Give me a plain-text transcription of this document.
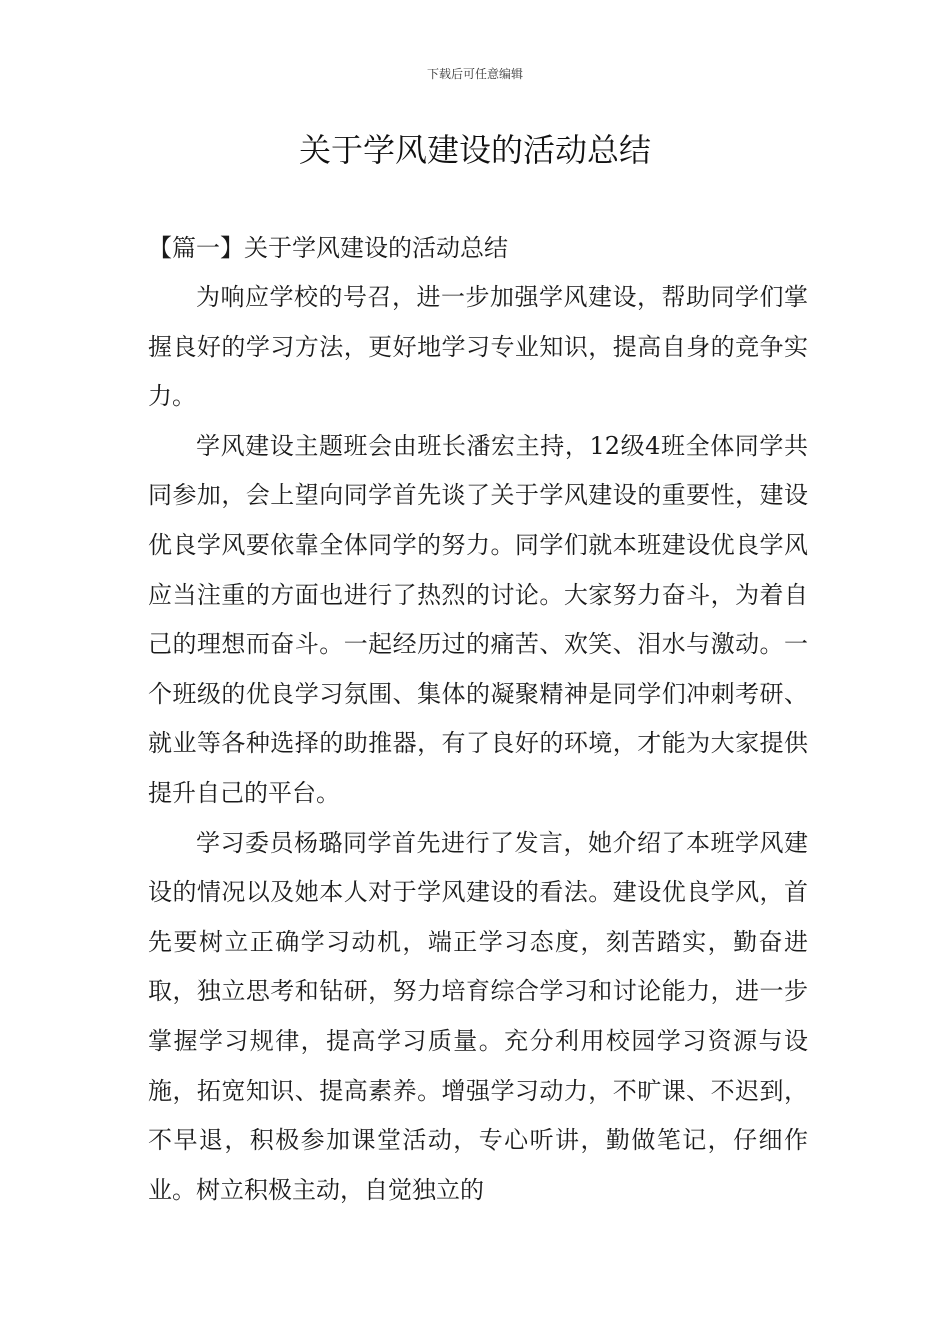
下载后可任意编辑
关于学风建设的活动总结
【篇一】关于学风建设的活动总结

为响应学校的号召，进一步加强学风建设，帮助同学们掌握良好的学习方法，更好地学习专业知识，提高自身的竞争实力。

学风建设主题班会由班长潘宏主持，12级4班全体同学共同参加，会上望向同学首先谈了关于学风建设的重要性，建设优良学风要依靠全体同学的努力。同学们就本班建设优良学风应当注重的方面也进行了热烈的讨论。大家努力奋斗，为着自己的理想而奋斗。一起经历过的痛苦、欢笑、泪水与激动。一个班级的优良学习氛围、集体的凝聚精神是同学们冲刺考研、就业等各种选择的助推器，有了良好的环境，才能为大家提供提升自己的平台。

学习委员杨璐同学首先进行了发言，她介绍了本班学风建设的情况以及她本人对于学风建设的看法。建设优良学风，首先要树立正确学习动机，端正学习态度，刻苦踏实，勤奋进取，独立思考和钻研，努力培育综合学习和讨论能力，进一步掌握学习规律，提高学习质量。充分利用校园学习资源与设施，拓宽知识、提高素养。增强学习动力，不旷课、不迟到，不早退，积极参加课堂活动，专心听讲，勤做笔记，仔细作业。树立积极主动，自觉独立的
